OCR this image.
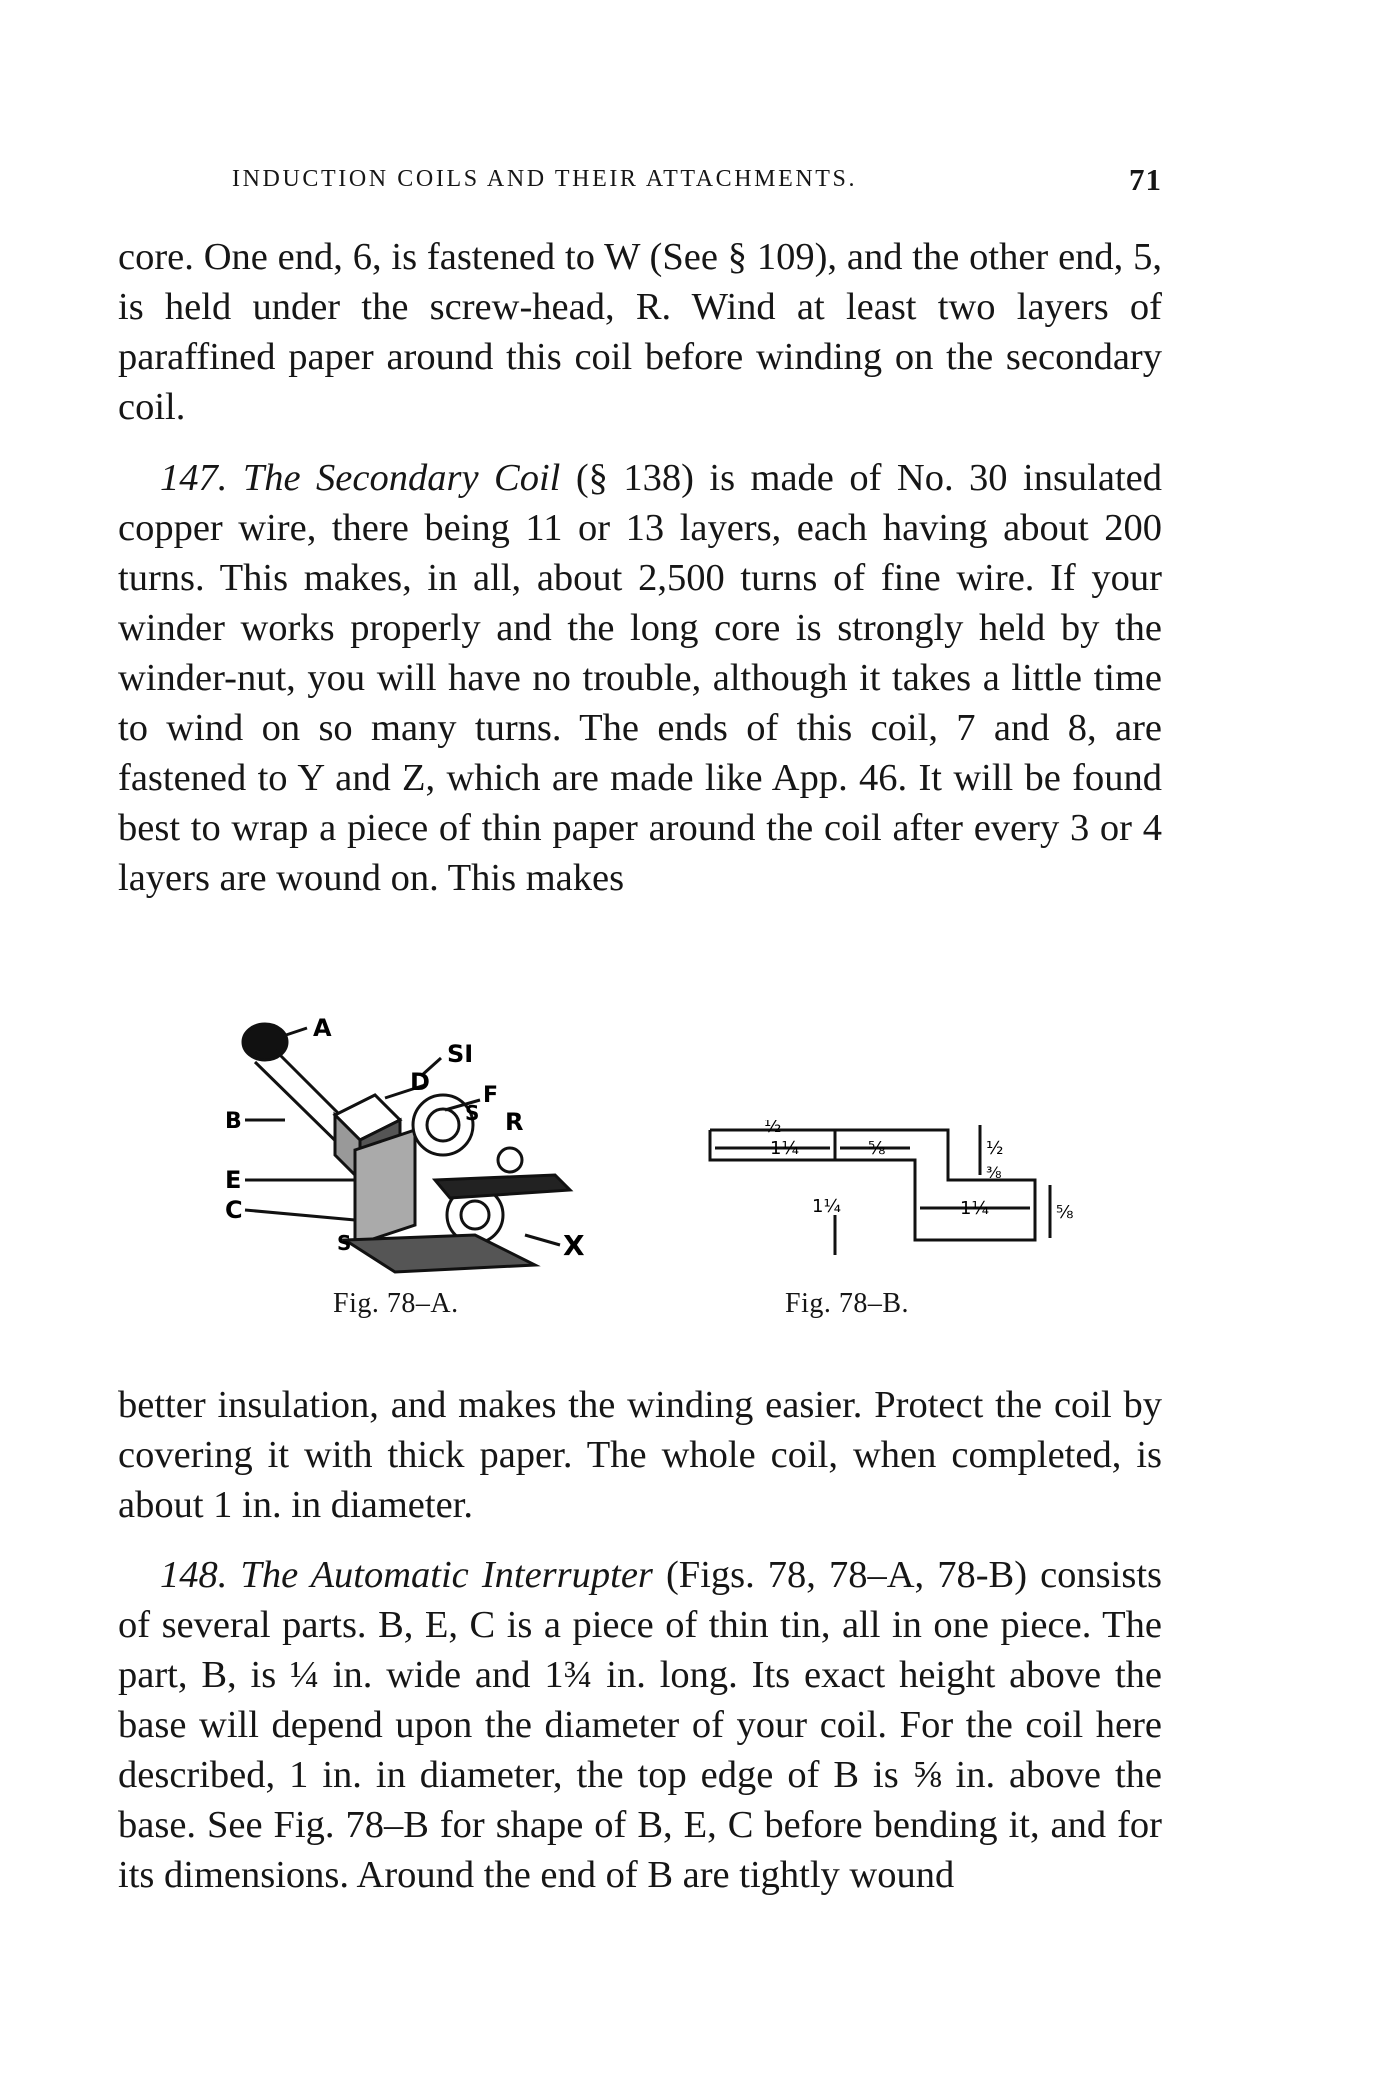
INDUCTION COILS AND THEIR ATTACHMENTS.	71

core. One end, 6, is fastened to W (See § 109), and the other end, 5, is held under the screw-head, R. Wind at least two layers of paraffined paper around this coil before winding on the secondary coil.

147. The Secondary Coil (§ 138) is made of No. 30 insulated copper wire, there being 11 or 13 layers, each having about 200 turns. This makes, in all, about 2,500 turns of fine wire. If your winder works properly and the long core is strongly held by the winder-nut, you will have no trouble, although it takes a little time to wind on so many turns. The ends of this coil, 7 and 8, are fastened to Y and Z, which are made like App. 46. It will be found best to wrap a piece of thin paper around the coil after every 3 or 4 layers are wound on. This makes

A
B
D
SI
F
S R
E
C
S	X
Fig. 78–A.
½
1¼	⅝	½
1¼	1¼	⅝
⅜
Fig. 78–B.

better insulation, and makes the winding easier. Protect the coil by covering it with thick paper. The whole coil, when completed, is about 1 in. in diameter.

148. The Automatic Interrupter (Figs. 78, 78–A, 78-B) consists of several parts. B, E, C is a piece of thin tin, all in one piece. The part, B, is ¼ in. wide and 1¾ in. long. Its exact height above the base will depend upon the diameter of your coil. For the coil here described, 1 in. in diameter, the top edge of B is ⅝ in. above the base. See Fig. 78–B for shape of B, E, C before bending it, and for its dimensions. Around the end of B are tightly wound
